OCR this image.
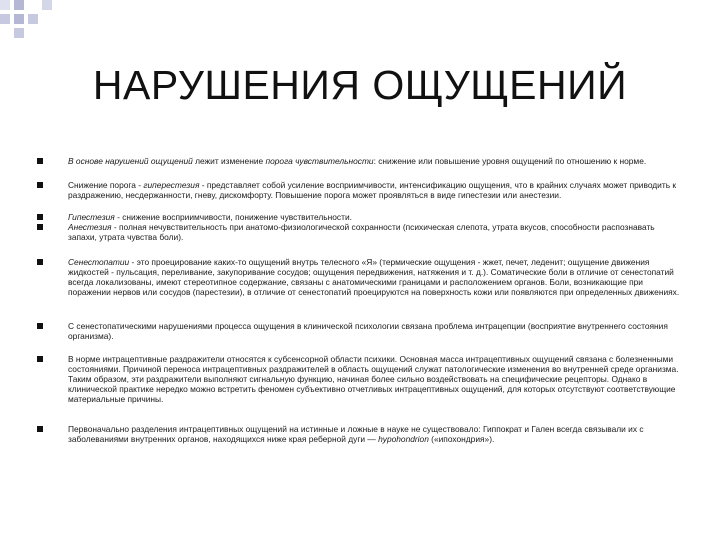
НАРУШЕНИЯ ОЩУЩЕНИЙ
В основе нарушений ощущений лежит изменение порога чувствительности: снижение или повышение уровня ощущений по отношению к норме.
Снижение порога - гиперестезия - представляет собой усиление восприимчивости, интенсификацию ощущения, что в крайних случаях может приводить к раздражению, несдержанности, гневу, дискомфорту. Повышение порога может проявляться в виде гипестезии или анестезии.
Гипестезия - снижение восприимчивости, понижение чувствительности.
Анестезия - полная нечувствительность при анатомо-физиологической сохранности (психическая слепота, утрата вкусов, способности распознавать запахи, утрата чувства боли).
Сенестопатии - это проецирование каких-то ощущений внутрь телесного «Я» (термические ощущения - жжет, печет, леденит; ощущение движения жидкостей - пульсация, переливание, закупоривание сосудов; ощущения передвижения, натяжения и т. д.). Соматические боли в отличие от сенестопатий всегда локализованы, имеют стереотипное содержание, связаны с анатомическими границами и расположением органов. Боли, возникающие при поражении нервов или сосудов (парестезии), в отличие от сенестопатий проецируются на поверхность кожи или появляются при определенных движениях.
С сенестопатическими нарушениями процесса ощущения в клинической психологии связана проблема интрацепции (восприятие внутреннего состояния организма).
В норме интрацептивные раздражители относятся к субсенсорной области психики. Основная масса интрацептивных ощущений связана с болезненными состояниями. Причиной переноса интрацептивных раздражителей в область ощущений служат патологические изменения во внутренней среде организма. Таким образом, эти раздражители выполняют сигнальную функцию, начиная более сильно воздействовать на специфические рецепторы. Однако в клинической практике нередко можно встретить феномен субъективно отчетливых интрацептивных ощущений, для которых отсутствуют соответствующие материальные причины.
Первоначально разделения интрацептивных ощущений на истинные и ложные в науке не существовало: Гиппократ и Гален всегда связывали их с заболеваниями внутренних органов, находящихся ниже края реберной дуги — hypohondrion («ипохондрия»).
